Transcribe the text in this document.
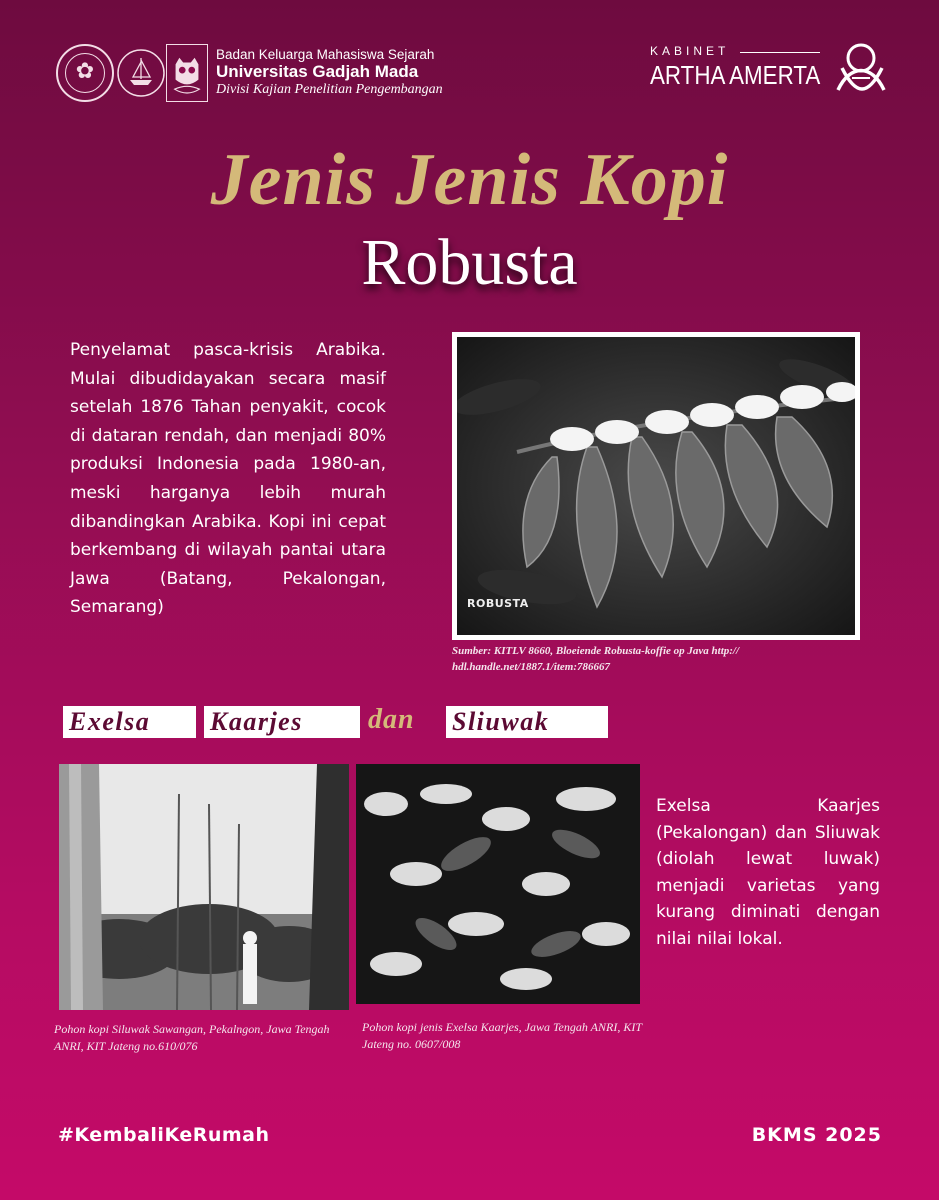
✿
Badan Keluarga Mahasiswa Sejarah
Universitas Gadjah Mada
Divisi Kajian Penelitian Pengembangan
KABINET
ARTHA AMERTA
Jenis Jenis Kopi
Robusta
Penyelamat pasca-krisis Arabika. Mulai dibudidayakan secara masif setelah 1876 Tahan penyakit, cocok di dataran rendah, dan menjadi 80% produksi Indonesia pada 1980-an, meski harganya lebih murah dibandingkan Arabika. Kopi ini cepat berkembang di wilayah pantai utara Jawa (Batang, Pekalongan, Semarang)	ROBUSTA
Sumber: KITLV 8660, Bloeiende Robusta-koffie op Java http:// hdl.handle.net/1887.1/item:786667
Exelsa	Kaarjes	dan Sliuwak
Pohon kopi Siluwak Sawangan, Pekalngon, Jawa Tengah ANRI, KIT Jateng no.610/076
Pohon kopi jenis Exelsa Kaarjes, Jawa Tengah ANRI, KIT Jateng no. 0607/008
Exelsa Kaarjes (Pekalongan) dan Sliuwak (diolah lewat luwak) menjadi varietas yang kurang diminati dengan nilai nilai lokal.
#KembaliKeRumah	BKMS 2025
